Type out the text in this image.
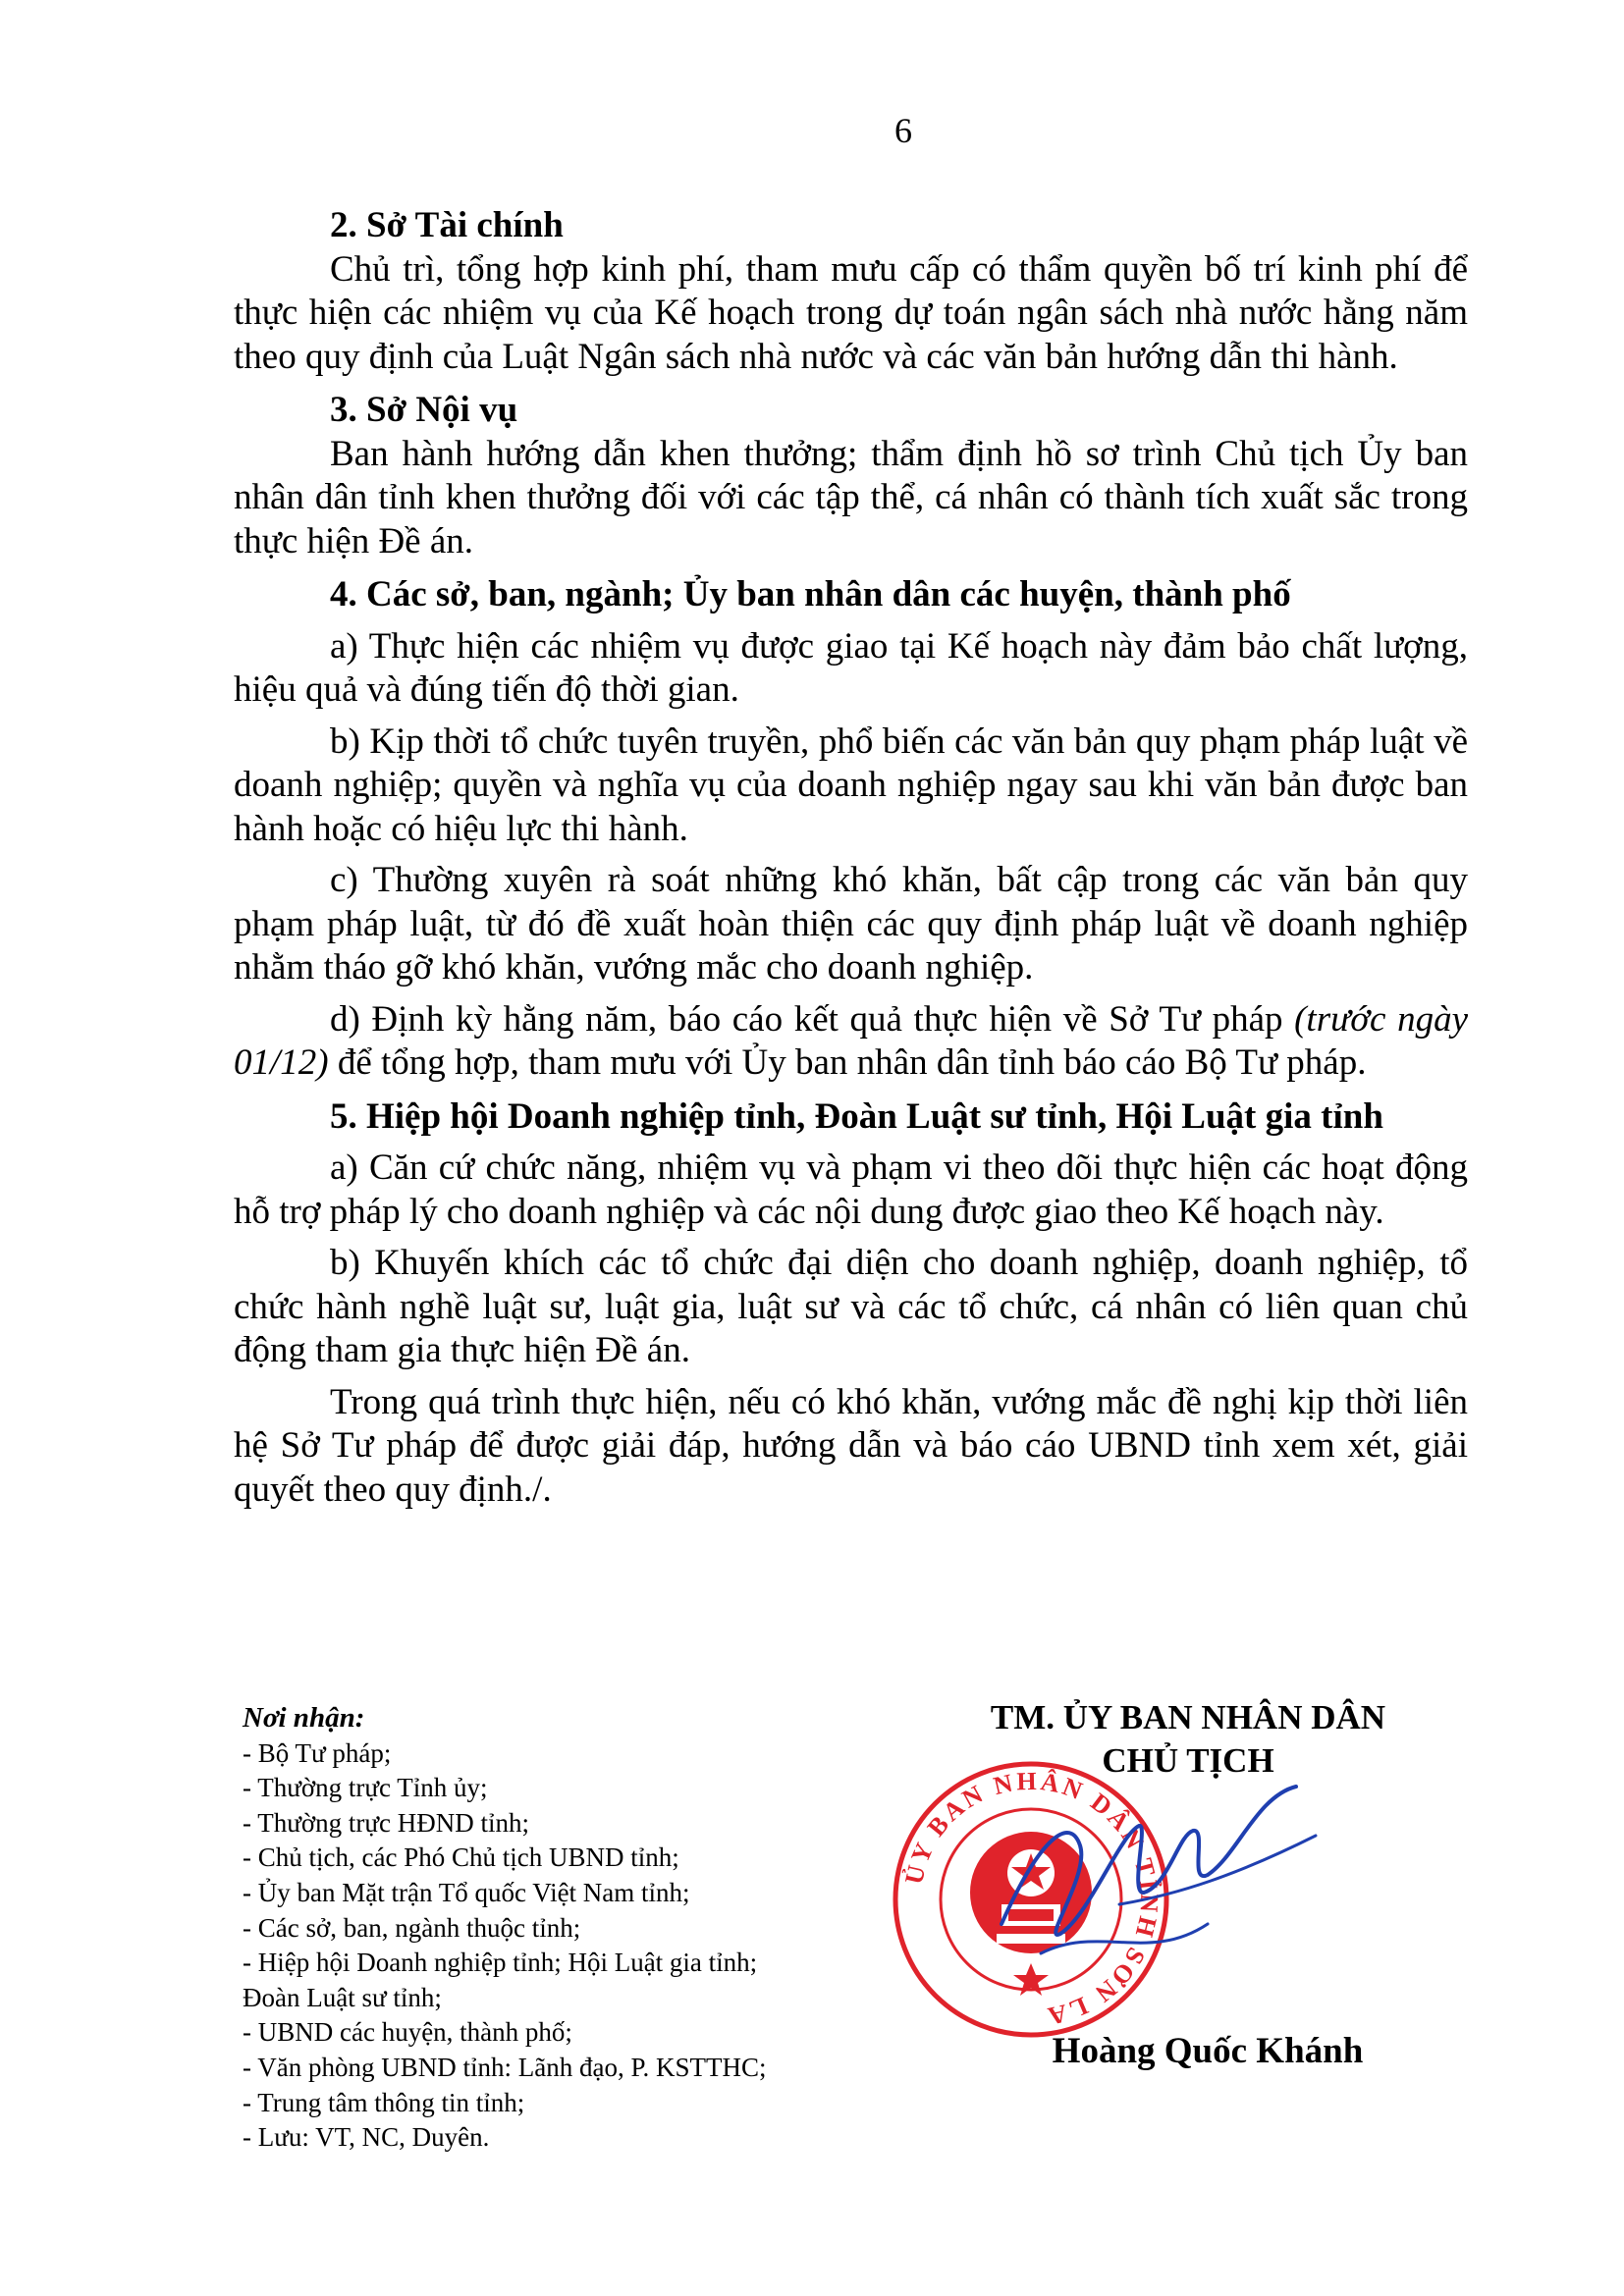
6

2. Sở Tài chính

Chủ trì, tổng hợp kinh phí, tham mưu cấp có thẩm quyền bố trí kinh phí để thực hiện các nhiệm vụ của Kế hoạch trong dự toán ngân sách nhà nước hằng năm theo quy định của Luật Ngân sách nhà nước và các văn bản hướng dẫn thi hành.

3. Sở Nội vụ

Ban hành hướng dẫn khen thưởng; thẩm định hồ sơ trình Chủ tịch Ủy ban nhân dân tỉnh khen thưởng đối với các tập thể, cá nhân có thành tích xuất sắc trong thực hiện Đề án.

4. Các sở, ban, ngành; Ủy ban nhân dân các huyện, thành phố

a) Thực hiện các nhiệm vụ được giao tại Kế hoạch này đảm bảo chất lượng, hiệu quả và đúng tiến độ thời gian.

b) Kịp thời tổ chức tuyên truyền, phổ biến các văn bản quy phạm pháp luật về doanh nghiệp; quyền và nghĩa vụ của doanh nghiệp ngay sau khi văn bản được ban hành hoặc có hiệu lực thi hành.

c) Thường xuyên rà soát những khó khăn, bất cập trong các văn bản quy phạm pháp luật, từ đó đề xuất hoàn thiện các quy định pháp luật về doanh nghiệp nhằm tháo gỡ khó khăn, vướng mắc cho doanh nghiệp.

d) Định kỳ hằng năm, báo cáo kết quả thực hiện về Sở Tư pháp (trước ngày 01/12) để tổng hợp, tham mưu với Ủy ban nhân dân tỉnh báo cáo Bộ Tư pháp.

5. Hiệp hội Doanh nghiệp tỉnh, Đoàn Luật sư tỉnh, Hội Luật gia tỉnh

a) Căn cứ chức năng, nhiệm vụ và phạm vi theo dõi thực hiện các hoạt động hỗ trợ pháp lý cho doanh nghiệp và các nội dung được giao theo Kế hoạch này.

b) Khuyến khích các tổ chức đại diện cho doanh nghiệp, doanh nghiệp, tổ chức hành nghề luật sư, luật gia, luật sư và các tổ chức, cá nhân có liên quan chủ động tham gia thực hiện Đề án.

Trong quá trình thực hiện, nếu có khó khăn, vướng mắc đề nghị kịp thời liên hệ Sở Tư pháp để được giải đáp, hướng dẫn và báo cáo UBND tỉnh xem xét, giải quyết theo quy định./.

Nơi nhận:
- Bộ Tư pháp;
- Thường trực Tỉnh ủy;
- Thường trực HĐND tỉnh;
- Chủ tịch, các Phó Chủ tịch UBND tỉnh;
- Ủy ban Mặt trận Tổ quốc Việt Nam tỉnh;
- Các sở, ban, ngành thuộc tỉnh;
- Hiệp hội Doanh nghiệp tỉnh; Hội Luật gia tỉnh;
Đoàn Luật sư tỉnh;
- UBND các huyện, thành phố;
- Văn phòng UBND tỉnh: Lãnh đạo, P. KSTTHC;
- Trung tâm thông tin tỉnh;
- Lưu: VT, NC, Duyên.
TM. ỦY BAN NHÂN DÂN
CHỦ TỊCH
ỦY BAN NHÂN DÂN TỈNH SƠN LA
Hoàng Quốc Khánh
